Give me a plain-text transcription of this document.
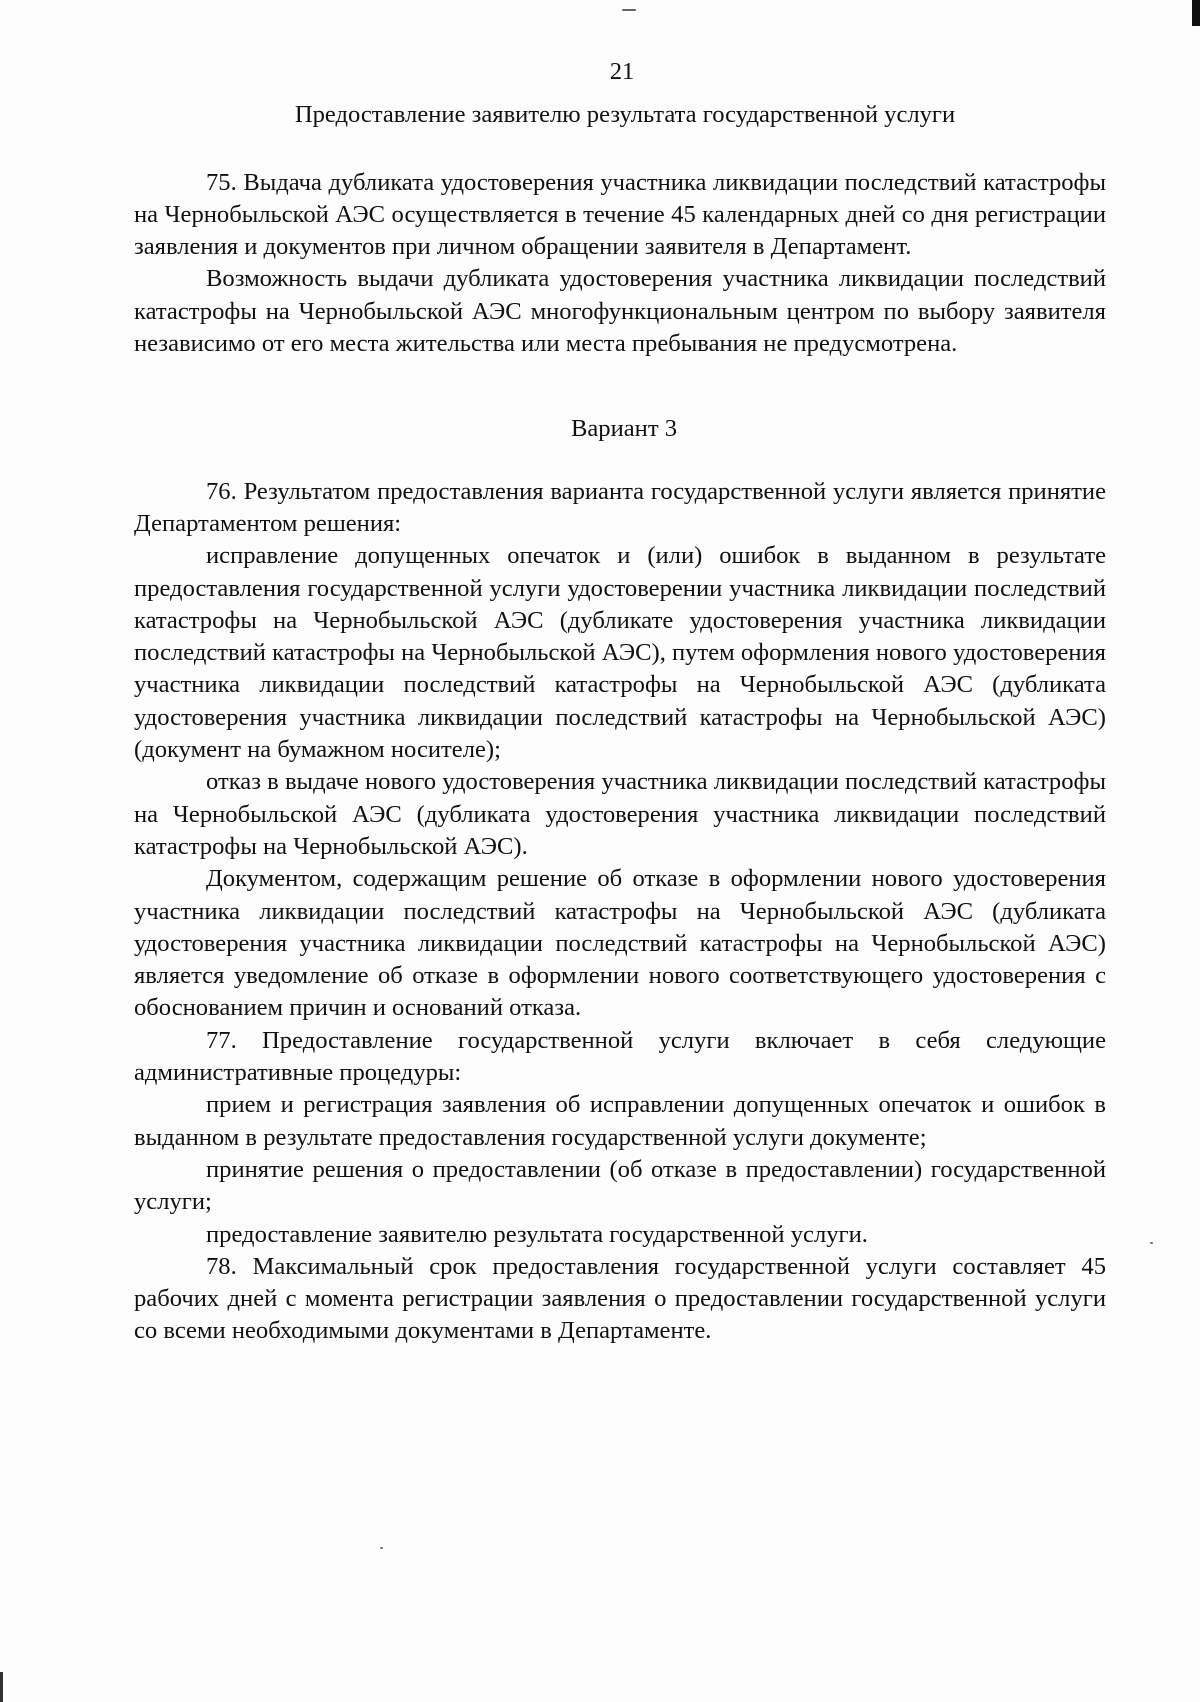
21
Предоставление заявителю результата государственной услуги

75. Выдача дубликата удостоверения участника ликвидации последствий катастрофы на Чернобыльской АЭС осуществляется в течение 45 календарных дней со дня регистрации заявления и документов при личном обращении заявителя в Департамент.

Возможность выдачи дубликата удостоверения участника ликвидации последствий катастрофы на Чернобыльской АЭС многофункциональным центром по выбору заявителя независимо от его места жительства или места пребывания не предусмотрена.

Вариант 3

76. Результатом предоставления варианта государственной услуги является принятие Департаментом решения:

исправление допущенных опечаток и (или) ошибок в выданном в результате предоставления государственной услуги удостоверении участника ликвидации последствий катастрофы на Чернобыльской АЭС (дубликате удостоверения участника ликвидации последствий катастрофы на Чернобыльской АЭС), путем оформления нового удостоверения участника ликвидации последствий катастрофы на Чернобыльской АЭС (дубликата удостоверения участника ликвидации последствий катастрофы на Чернобыльской АЭС) (документ на бумажном носителе);

отказ в выдаче нового удостоверения участника ликвидации последствий катастрофы на Чернобыльской АЭС (дубликата удостоверения участника ликвидации последствий катастрофы на Чернобыльской АЭС).

Документом, содержащим решение об отказе в оформлении нового удостоверения участника ликвидации последствий катастрофы на Чернобыльской АЭС (дубликата удостоверения участника ликвидации последствий катастрофы на Чернобыльской АЭС) является уведомление об отказе в оформлении нового соответствующего удостоверения с обоснованием причин и оснований отказа.

77. Предоставление государственной услуги включает в себя следующие административные процедуры:

прием и регистрация заявления об исправлении допущенных опечаток и ошибок в выданном в результате предоставления государственной услуги документе;

принятие решения о предоставлении (об отказе в предоставлении) государственной услуги;

предоставление заявителю результата государственной услуги.

78. Максимальный срок предоставления государственной услуги составляет 45 рабочих дней с момента регистрации заявления о предоставлении государственной услуги со всеми необходимыми документами в Департаменте.
